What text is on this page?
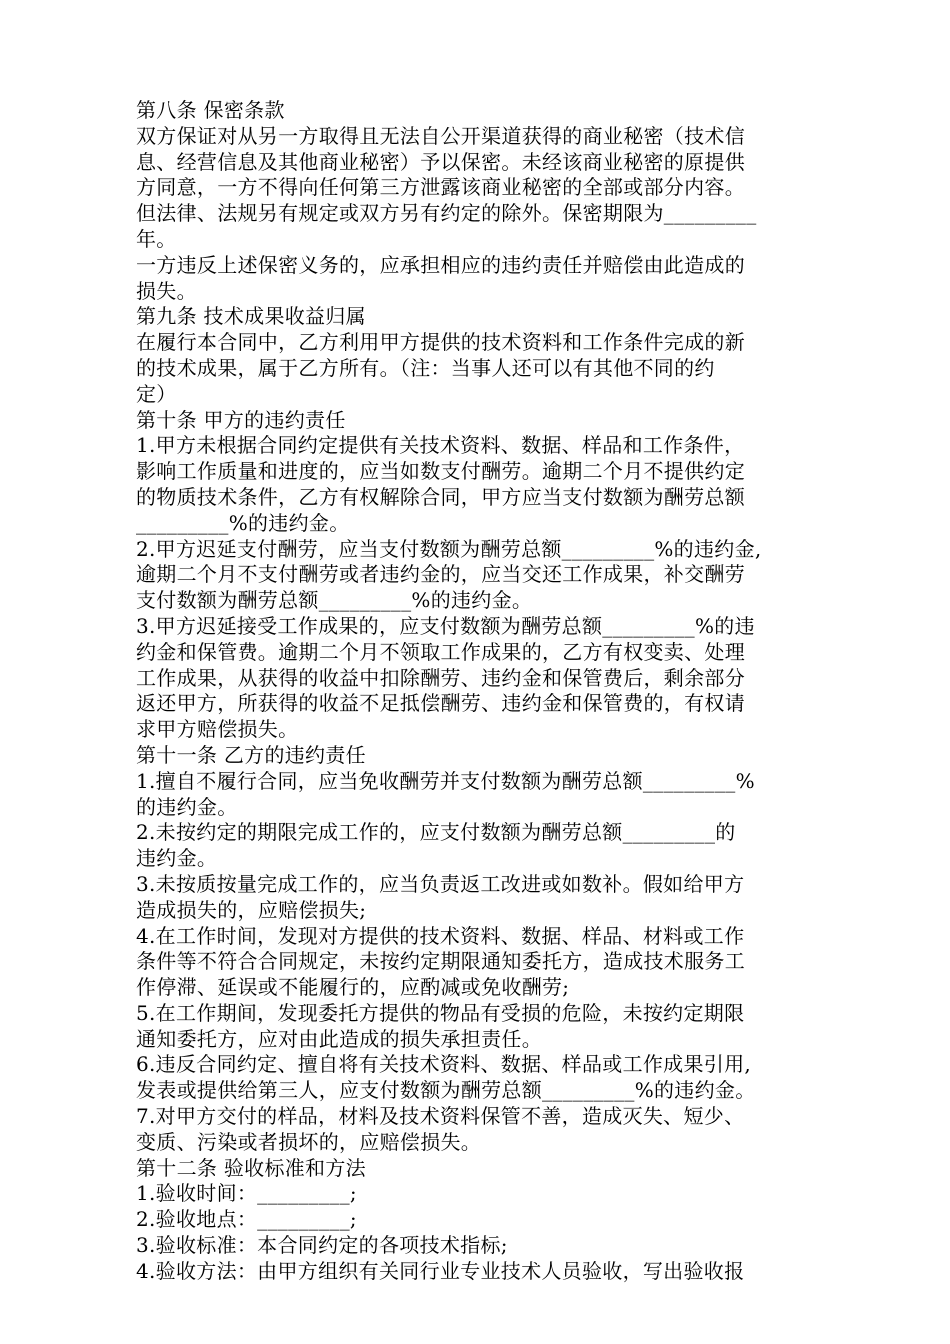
第八条 保密条款
双方保证对从另一方取得且无法自公开渠道获得的商业秘密（技术信
息、经营信息及其他商业秘密）予以保密。未经该商业秘密的原提供
方同意，一方不得向任何第三方泄露该商业秘密的全部或部分内容。
但法律、法规另有规定或双方另有约定的除外。保密期限为_________
年。
一方违反上述保密义务的，应承担相应的违约责任并赔偿由此造成的
损失。
第九条 技术成果收益归属
在履行本合同中，乙方利用甲方提供的技术资料和工作条件完成的新
的技术成果，属于乙方所有。（注：当事人还可以有其他不同的约
定）
第十条 甲方的违约责任
1.甲方未根据合同约定提供有关技术资料、数据、样品和工作条件，
影响工作质量和进度的，应当如数支付酬劳。逾期二个月不提供约定
的物质技术条件，乙方有权解除合同，甲方应当支付数额为酬劳总额
_________%的违约金。
2.甲方迟延支付酬劳，应当支付数额为酬劳总额_________%的违约金,
逾期二个月不支付酬劳或者违约金的，应当交还工作成果，补交酬劳
支付数额为酬劳总额_________%的违约金。
3.甲方迟延接受工作成果的，应支付数额为酬劳总额_________%的违
约金和保管费。逾期二个月不领取工作成果的，乙方有权变卖、处理
工作成果，从获得的收益中扣除酬劳、违约金和保管费后，剩余部分
返还甲方，所获得的收益不足抵偿酬劳、违约金和保管费的，有权请
求甲方赔偿损失。
第十一条 乙方的违约责任
1.擅自不履行合同，应当免收酬劳并支付数额为酬劳总额_________%
的违约金。
2.未按约定的期限完成工作的，应支付数额为酬劳总额_________的
违约金。
3.未按质按量完成工作的，应当负责返工改进或如数补。假如给甲方
造成损失的，应赔偿损失;
4.在工作时间，发现对方提供的技术资料、数据、样品、材料或工作
条件等不符合合同规定，未按约定期限通知委托方，造成技术服务工
作停滞、延误或不能履行的，应酌减或免收酬劳;
5.在工作期间，发现委托方提供的物品有受损的危险，未按约定期限
通知委托方，应对由此造成的损失承担责任。
6.违反合同约定、擅自将有关技术资料、数据、样品或工作成果引用,
发表或提供给第三人，应支付数额为酬劳总额_________%的违约金。
7.对甲方交付的样品，材料及技术资料保管不善，造成灭失、短少、
变质、污染或者损坏的，应赔偿损失。
第十二条 验收标准和方法
1.验收时间：_________;
2.验收地点：_________;
3.验收标准：本合同约定的各项技术指标;
4.验收方法：由甲方组织有关同行业专业技术人员验收，写出验收报
